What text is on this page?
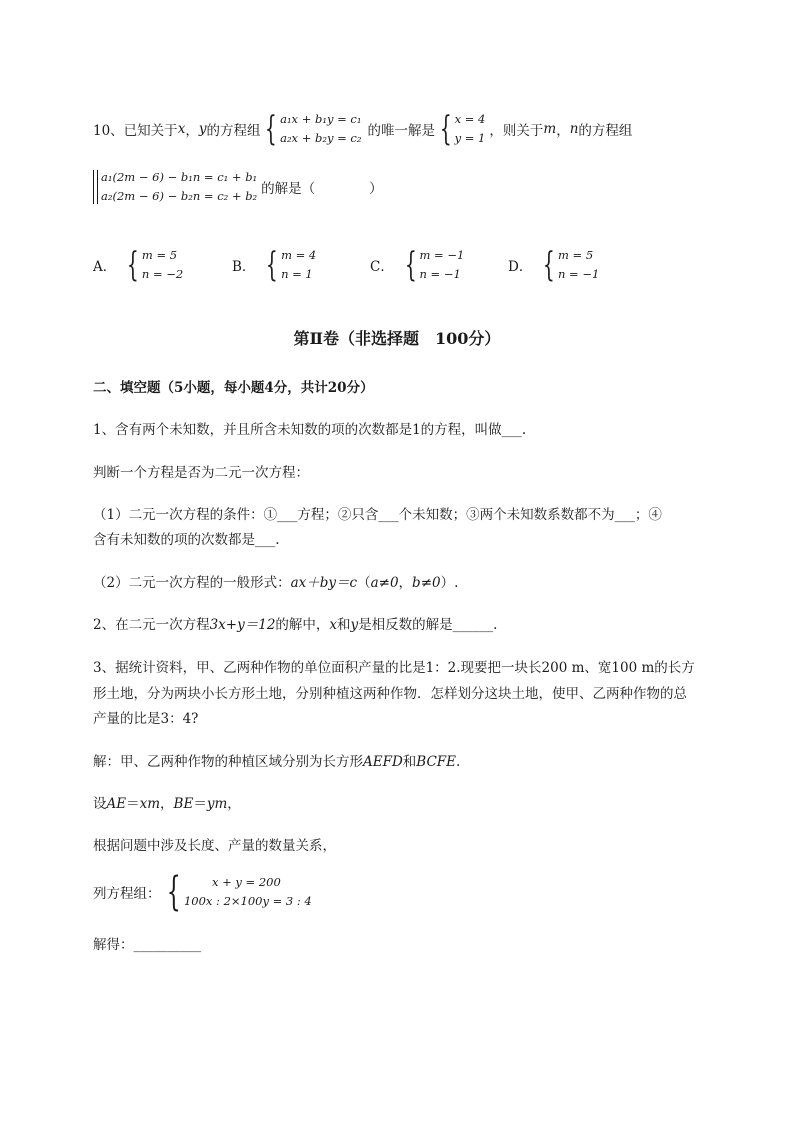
10、已知关于 x ， y 的方程组 { a₁x + b₁y = c₁
a₂x + b₂y = c₂ 的唯一解是 { x = 4
y = 1 ，则关于 m ， n 的方程组
a₁(2m − 6) − b₁n = c₁ + b₁
a₂(2m − 6) − b₂n = c₂ + b₂ 的解是（　　　　）
A． { m = 5
n = −2	B． { m = 4
n = 1	C． { m = −1
n = −1	D． { m = 5
n = −1
第Ⅱ卷（非选择题　100分）
二、填空题（5小题，每小题4分，共计20分）
1、含有两个未知数，并且所含未知数的项的次数都是1的方程，叫做___.
判断一个方程是否为二元一次方程：
（1）二元一次方程的条件：①___方程；②只含___个未知数；③两个未知数系数都不为___；④
含有未知数的项的次数都是___.
（2）二元一次方程的一般形式：ax＋by＝c（a≠0，b≠0）.
2、在二元一次方程3x+y＝12的解中，x和y是相反数的解是______.
3、据统计资料，甲、乙两种作物的单位面积产量的比是1：2.现要把一块长200 m、宽100 m的长方
形土地，分为两块小长方形土地，分别种植这两种作物．怎样划分这块土地，使甲、乙两种作物的总
产量的比是3：4?
解：甲、乙两种作物的种植区域分别为长方形AEFD和BCFE.
设AE＝xm，BE＝ym，
根据问题中涉及长度、产量的数量关系，
列方程组： {	x + y = 200
100x : 2×100y = 3 : 4
解得：__________
